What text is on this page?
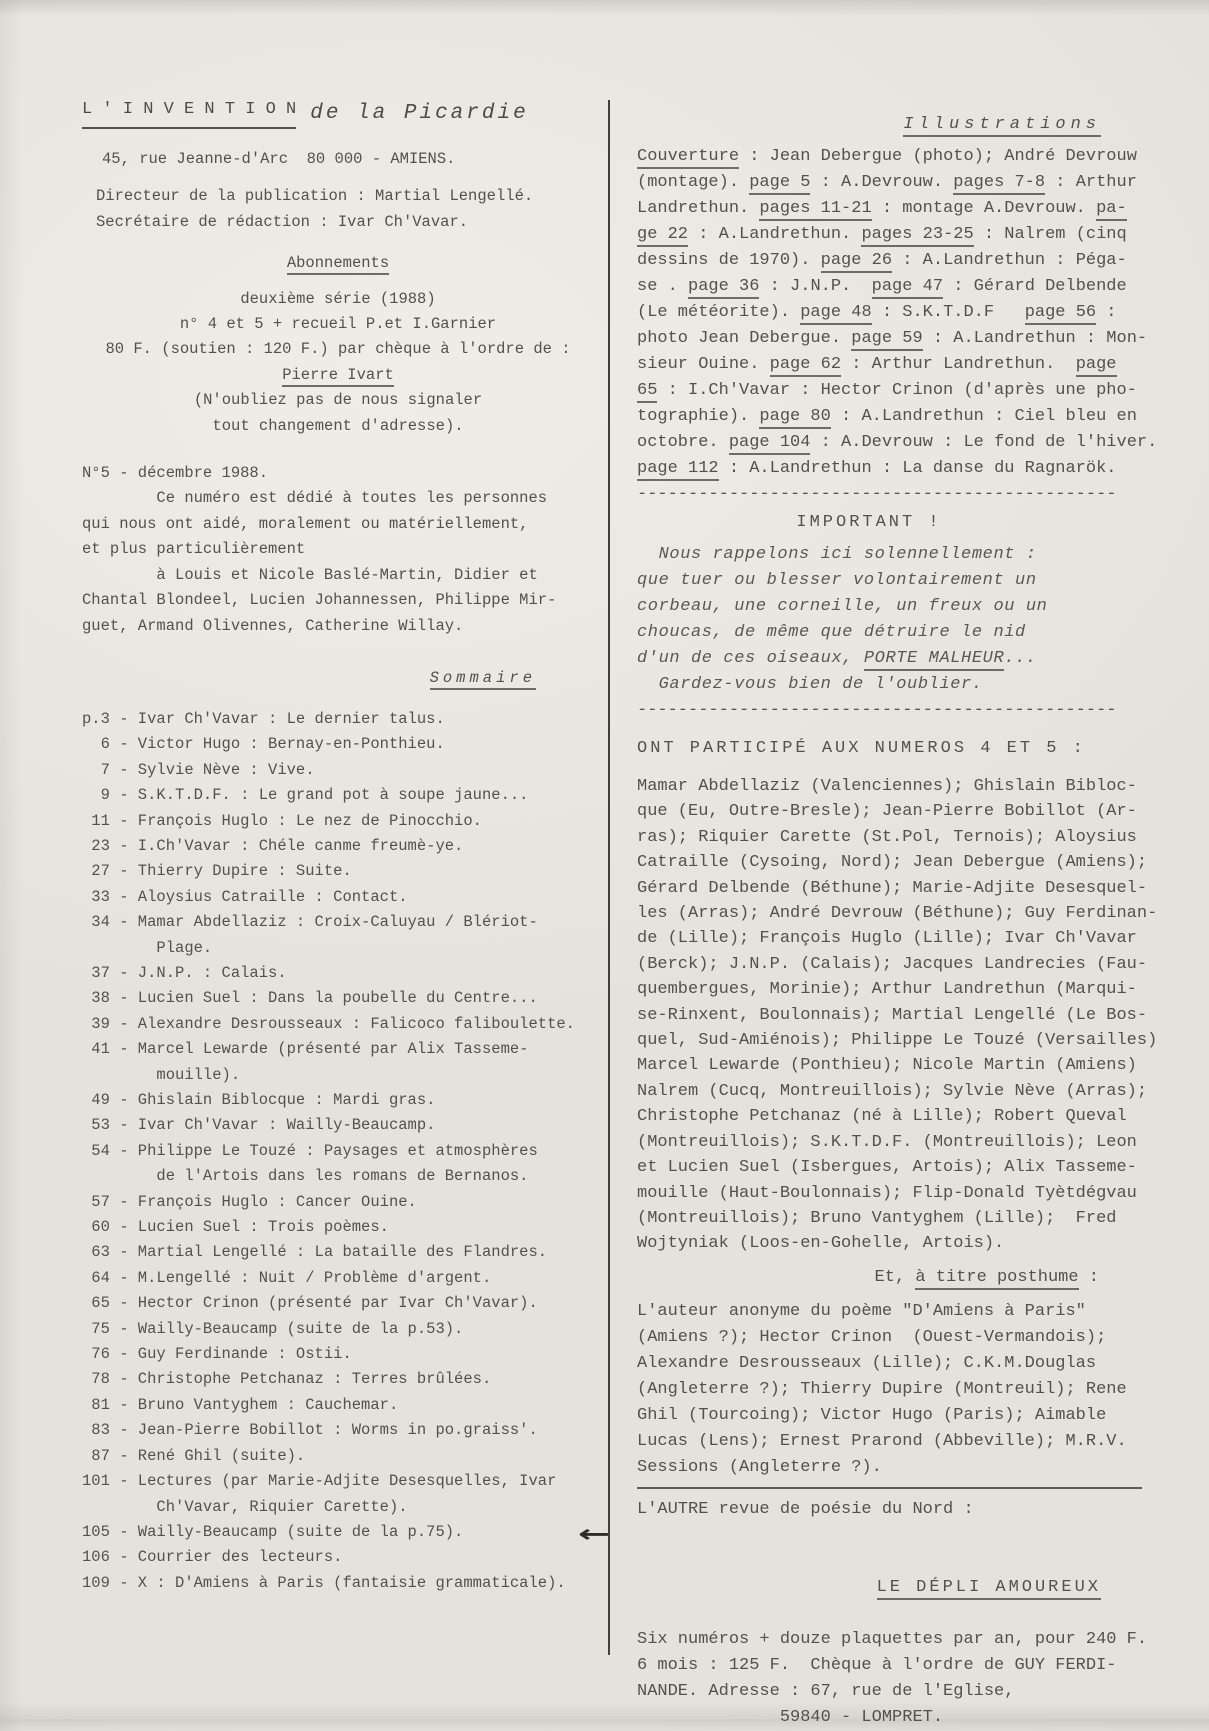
L ' I N V E N T I O N de la Picardie
45, rue Jeanne-d'Arc  80 000 - AMIENS.
Directeur de la publication : Martial Lengellé.
Secrétaire de rédaction : Ivar Ch'Vavar.
Abonnements
deuxième série (1988)
n° 4 et 5 + recueil P.et I.Garnier
80 F. (soutien : 120 F.) par chèque à l'ordre de :
Pierre Ivart
(N'oubliez pas de nous signaler
tout changement d'adresse).
N°5 - décembre 1988.
Ce numéro est dédié à toutes les personnes
qui nous ont aidé, moralement ou matériellement,
et plus particulièrement
à Louis et Nicole Baslé-Martin, Didier et
Chantal Blondeel, Lucien Johannessen, Philippe Mir-
guet, Armand Olivennes, Catherine Willay.
Sommaire
p.3 - Ivar Ch'Vavar : Le dernier talus.
6 - Victor Hugo : Bernay-en-Ponthieu.
7 - Sylvie Nève : Vive.
9 - S.K.T.D.F. : Le grand pot à soupe jaune...
11 - François Huglo : Le nez de Pinocchio.
23 - I.Ch'Vavar : Chéle canme freumè-ye.
27 - Thierry Dupire : Suite.
33 - Aloysius Catraille : Contact.
34 - Mamar Abdellaziz : Croix-Caluyau / Blériot-
Plage.
37 - J.N.P. : Calais.
38 - Lucien Suel : Dans la poubelle du Centre...
39 - Alexandre Desrousseaux : Falicoco faliboulette.
41 - Marcel Lewarde (présenté par Alix Tasseme-
mouille).
49 - Ghislain Biblocque : Mardi gras.
53 - Ivar Ch'Vavar : Wailly-Beaucamp.
54 - Philippe Le Touzé : Paysages et atmosphères
de l'Artois dans les romans de Bernanos.
57 - François Huglo : Cancer Ouine.
60 - Lucien Suel : Trois poèmes.
63 - Martial Lengellé : La bataille des Flandres.
64 - M.Lengellé : Nuit / Problème d'argent.
65 - Hector Crinon (présenté par Ivar Ch'Vavar).
75 - Wailly-Beaucamp (suite de la p.53).
76 - Guy Ferdinande : Ostii.
78 - Christophe Petchanaz : Terres brûlées.
81 - Bruno Vantyghem : Cauchemar.
83 - Jean-Pierre Bobillot : Worms in po.graiss'.
87 - René Ghil (suite).
101 - Lectures (par Marie-Adjite Desesquelles, Ivar
Ch'Vavar, Riquier Carette).
105 - Wailly-Beaucamp (suite de la p.75).
106 - Courrier des lecteurs.
109 - X : D'Amiens à Paris (fantaisie grammaticale).
Illustrations
Couverture : Jean Debergue (photo); André Devrouw
(montage). page 5 : A.Devrouw. pages 7-8 : Arthur
Landrethun. pages 11-21 : montage A.Devrouw. pa-
ge 22 : A.Landrethun. pages 23-25 : Nalrem (cinq
dessins de 1970). page 26 : A.Landrethun : Péga-
se . page 36 : J.N.P.  page 47 : Gérard Delbende
(Le météorite). page 48 : S.K.T.D.F   page 56 :
photo Jean Debergue. page 59 : A.Landrethun : Mon-
sieur Ouine. page 62 : Arthur Landrethun.  page
65 : I.Ch'Vavar : Hector Crinon (d'après une pho-
tographie). page 80 : A.Landrethun : Ciel bleu en
octobre. page 104 : A.Devrouw : Le fond de l'hiver.
page 112 : A.Landrethun : La danse du Ragnarök.
-----------------------------------------------
IMPORTANT !
Nous rappelons ici solennellement :
que tuer ou blesser volontairement un
corbeau, une corneille, un freux ou un
choucas, de même que détruire le nid
d'un de ces oiseaux, PORTE MALHEUR...
Gardez-vous bien de l'oublier.
-----------------------------------------------
ONT PARTICIPÉ AUX NUMEROS 4 ET 5 :
Mamar Abdellaziz (Valenciennes); Ghislain Bibloc-
que (Eu, Outre-Bresle); Jean-Pierre Bobillot (Ar-
ras); Riquier Carette (St.Pol, Ternois); Aloysius
Catraille (Cysoing, Nord); Jean Debergue (Amiens);
Gérard Delbende (Béthune); Marie-Adjite Desesquel-
les (Arras); André Devrouw (Béthune); Guy Ferdinan-
de (Lille); François Huglo (Lille); Ivar Ch'Vavar
(Berck); J.N.P. (Calais); Jacques Landrecies (Fau-
quembergues, Morinie); Arthur Landrethun (Marqui-
se-Rinxent, Boulonnais); Martial Lengellé (Le Bos-
quel, Sud-Amiénois); Philippe Le Touzé (Versailles)
Marcel Lewarde (Ponthieu); Nicole Martin (Amiens)
Nalrem (Cucq, Montreuillois); Sylvie Nève (Arras);
Christophe Petchanaz (né à Lille); Robert Queval
(Montreuillois); S.K.T.D.F. (Montreuillois); Leon
et Lucien Suel (Isbergues, Artois); Alix Tasseme-
mouille (Haut-Boulonnais); Flip-Donald Tyètdégvau
(Montreuillois); Bruno Vantyghem (Lille);  Fred
Wojtyniak (Loos-en-Gohelle, Artois).
Et, à titre posthume :
L'auteur anonyme du poème "D'Amiens à Paris"
(Amiens ?); Hector Crinon  (Ouest-Vermandois);
Alexandre Desrousseaux (Lille); C.K.M.Douglas
(Angleterre ?); Thierry Dupire (Montreuil); Rene
Ghil (Tourcoing); Victor Hugo (Paris); Aimable
Lucas (Lens); Ernest Prarond (Abbeville); M.R.V.
Sessions (Angleterre ?).
L'AUTRE revue de poésie du Nord :

←

LE DÉPLI AMOUREUX

Six numéros + douze plaquettes par an, pour 240 F.
6 mois : 125 F.  Chèque à l'ordre de GUY FERDI-
NANDE. Adresse : 67, rue de l'Eglise,
59840 - LOMPRET.
